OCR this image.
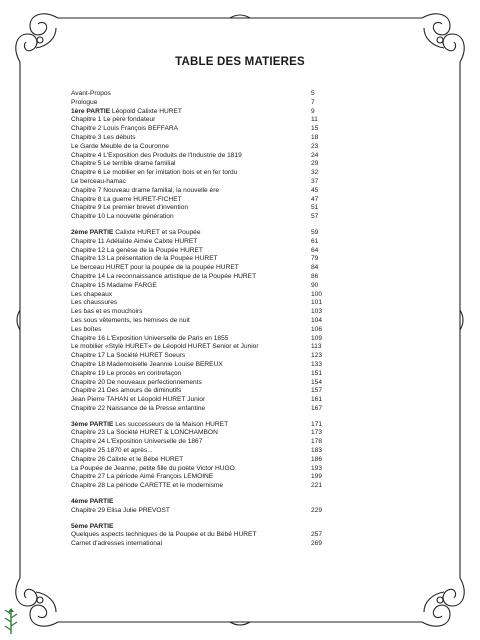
TABLE DES MATIERES
Avant-Propos	5
Prologue	7
1ère PARTIE Léopold Calixte HURET	9
Chapitre 1 Le père fondateur	11
Chapitre 2 Louis François BEFFARA	15
Chapitre 3 Les débuts	18
Le Garde Meuble de la Couronne	23
Chapitre 4 L'Exposition des Produits de l'Industrie de 1819	24
Chapitre 5 Le terrible drame familial	29
Chapitre 6 Le mobilier en fer imitation bois et en fer tordu	32
Le berceau-hamac	37
Chapitre 7 Nouveau drame familial, la nouvelle ère	45
Chapitre 8 La guerre HURET-FICHET	47
Chapitre 9 Le premier brevet d'invention	51
Chapitre 10 La nouvelle génération	57
2ème PARTIE Calixte HURET et sa Poupée	59
Chapitre 11 Adélaïde Aimée Calxte HURET	61
Chapitre 12 La genèse de la Poupée HURET	64
Chapitre 13 La présentation de la Poupée HURET	79
Le berceau HURET pour la poupée de la poupée HURET	84
Chapitre 14 La reconnaissance artistique de la Poupée HURET	86
Chapitre 15 Madame FARGE	90
Les chapeaux	100
Les chaussures	101
Les bas et es mouchoirs	103
Les sous vêtements, les hemises de nuit	104
Les boîtes	106
Chapitre 16 L'Exposition Universelle de Paris en 1855	109
Le mobilier «Style HURET» de Léopold HURET Senior et Junior	113
Chapitre 17 La Société HURET Soeurs	123
Chapitre 18 Mademoiselle Jeannie Louise BEREUX	133
Chapitre 19 Le procès en contrefaçon	151
Chapitre 20 De nouveaux perfectionnements	154
Chapitre 21 Des amours de diminutifs	157
Jean Pierre TAHAN et Léopold HURET Junior	161
Chapitre 22 Naissance de la Presse enfantine	167
3ème PARTIE Les successeurs de la Maison HURET	171
Chapitre 23 La Société HURET & LONCHAMBON	173
Chapitre 24 L'Exposition Universelle de 1867	178
Chapitre 25 1870 et après...	183
Chapitre 26 Calixte et le Bébé HURET	186
La Poupée de Jeanne, petite fille du poète Victor HUGO	193
Chapitre 27 La période Aimé François LEMOINE	199
Chapitre 28 La période CARETTE et le modernisme	221
4ème PARTIE
Chapitre 29 Elisa Julie PREVOST	229
5ème PARTIE
Quelques aspects techniques de la Poupée et du Bébé HURET	257
Carnet d'adresses international	269
